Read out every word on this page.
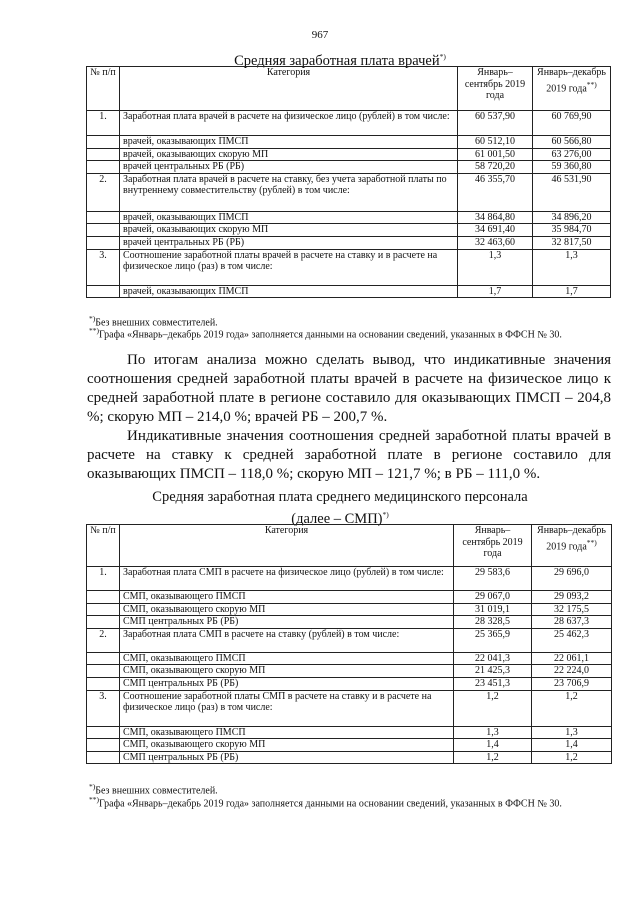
967
Средняя заработная плата врачей*)
№ п/п	Категория	Январь–сентябрь 2019 года	Январь–декабрь 2019 года**)
1.	Заработная плата врачей в расчете на физическое лицо (рублей) в том числе:	60 537,90	60 769,90
	врачей, оказывающих ПМСП	60 512,10	60 566,80
	врачей, оказывающих скорую МП	61 001,50	63 276,00
	врачей центральных РБ (РБ)	58 720,20	59 360,80
2.	Заработная плата врачей в расчете на ставку, без учета заработной платы по внутреннему совместительству (рублей) в том числе:	46 355,70	46 531,90
	врачей, оказывающих ПМСП	34 864,80	34 896,20
	врачей, оказывающих скорую МП	34 691,40	35 984,70
	врачей центральных РБ (РБ)	32 463,60	32 817,50
3.	Соотношение заработной платы врачей в расчете на ставку и в расчете на физическое лицо (раз) в том числе:	1,3	1,3
	врачей, оказывающих ПМСП	1,7	1,7
*)Без внешних совместителей.
**)Графа «Январь–декабрь 2019 года» заполняется данными на основании сведений, указанных в ФФСН № 30.
По итогам анализа можно сделать вывод, что индикативные значения соотношения средней заработной платы врачей в расчете на физическое лицо к средней заработной плате в регионе составило для оказывающих ПМСП – 204,8 %; скорую МП – 214,0 %; врачей РБ – 200,7 %.
Индикативные значения соотношения средней заработной платы врачей в расчете на ставку к средней заработной плате в регионе составило для оказывающих ПМСП – 118,0 %; скорую МП – 121,7 %; в РБ – 111,0 %.
Средняя заработная плата среднего медицинского персонала
(далее – СМП)*)
№ п/п	Категория	Январь–сентябрь 2019 года	Январь–декабрь 2019 года**)
1.	Заработная плата СМП в расчете на физическое лицо (рублей) в том числе:	29 583,6	29 696,0
	СМП, оказывающего ПМСП	29 067,0	29 093,2
	СМП, оказывающего скорую МП	31 019,1	32 175,5
	СМП центральных РБ (РБ)	28 328,5	28 637,3
2.	Заработная плата СМП в расчете на ставку (рублей) в том числе:	25 365,9	25 462,3
	СМП, оказывающего ПМСП	22 041,3	22 061,1
	СМП, оказывающего скорую МП	21 425,3	22 224,0
	СМП центральных РБ (РБ)	23 451,3	23 706,9
3.	Соотношение заработной платы СМП в расчете на ставку и в расчете на физическое лицо (раз) в том числе:	1,2	1,2
	СМП, оказывающего ПМСП	1,3	1,3
	СМП, оказывающего скорую МП	1,4	1,4
	СМП центральных РБ (РБ)	1,2	1,2
*)Без внешних совместителей.
**)Графа «Январь–декабрь 2019 года» заполняется данными на основании сведений, указанных в ФФСН № 30.
